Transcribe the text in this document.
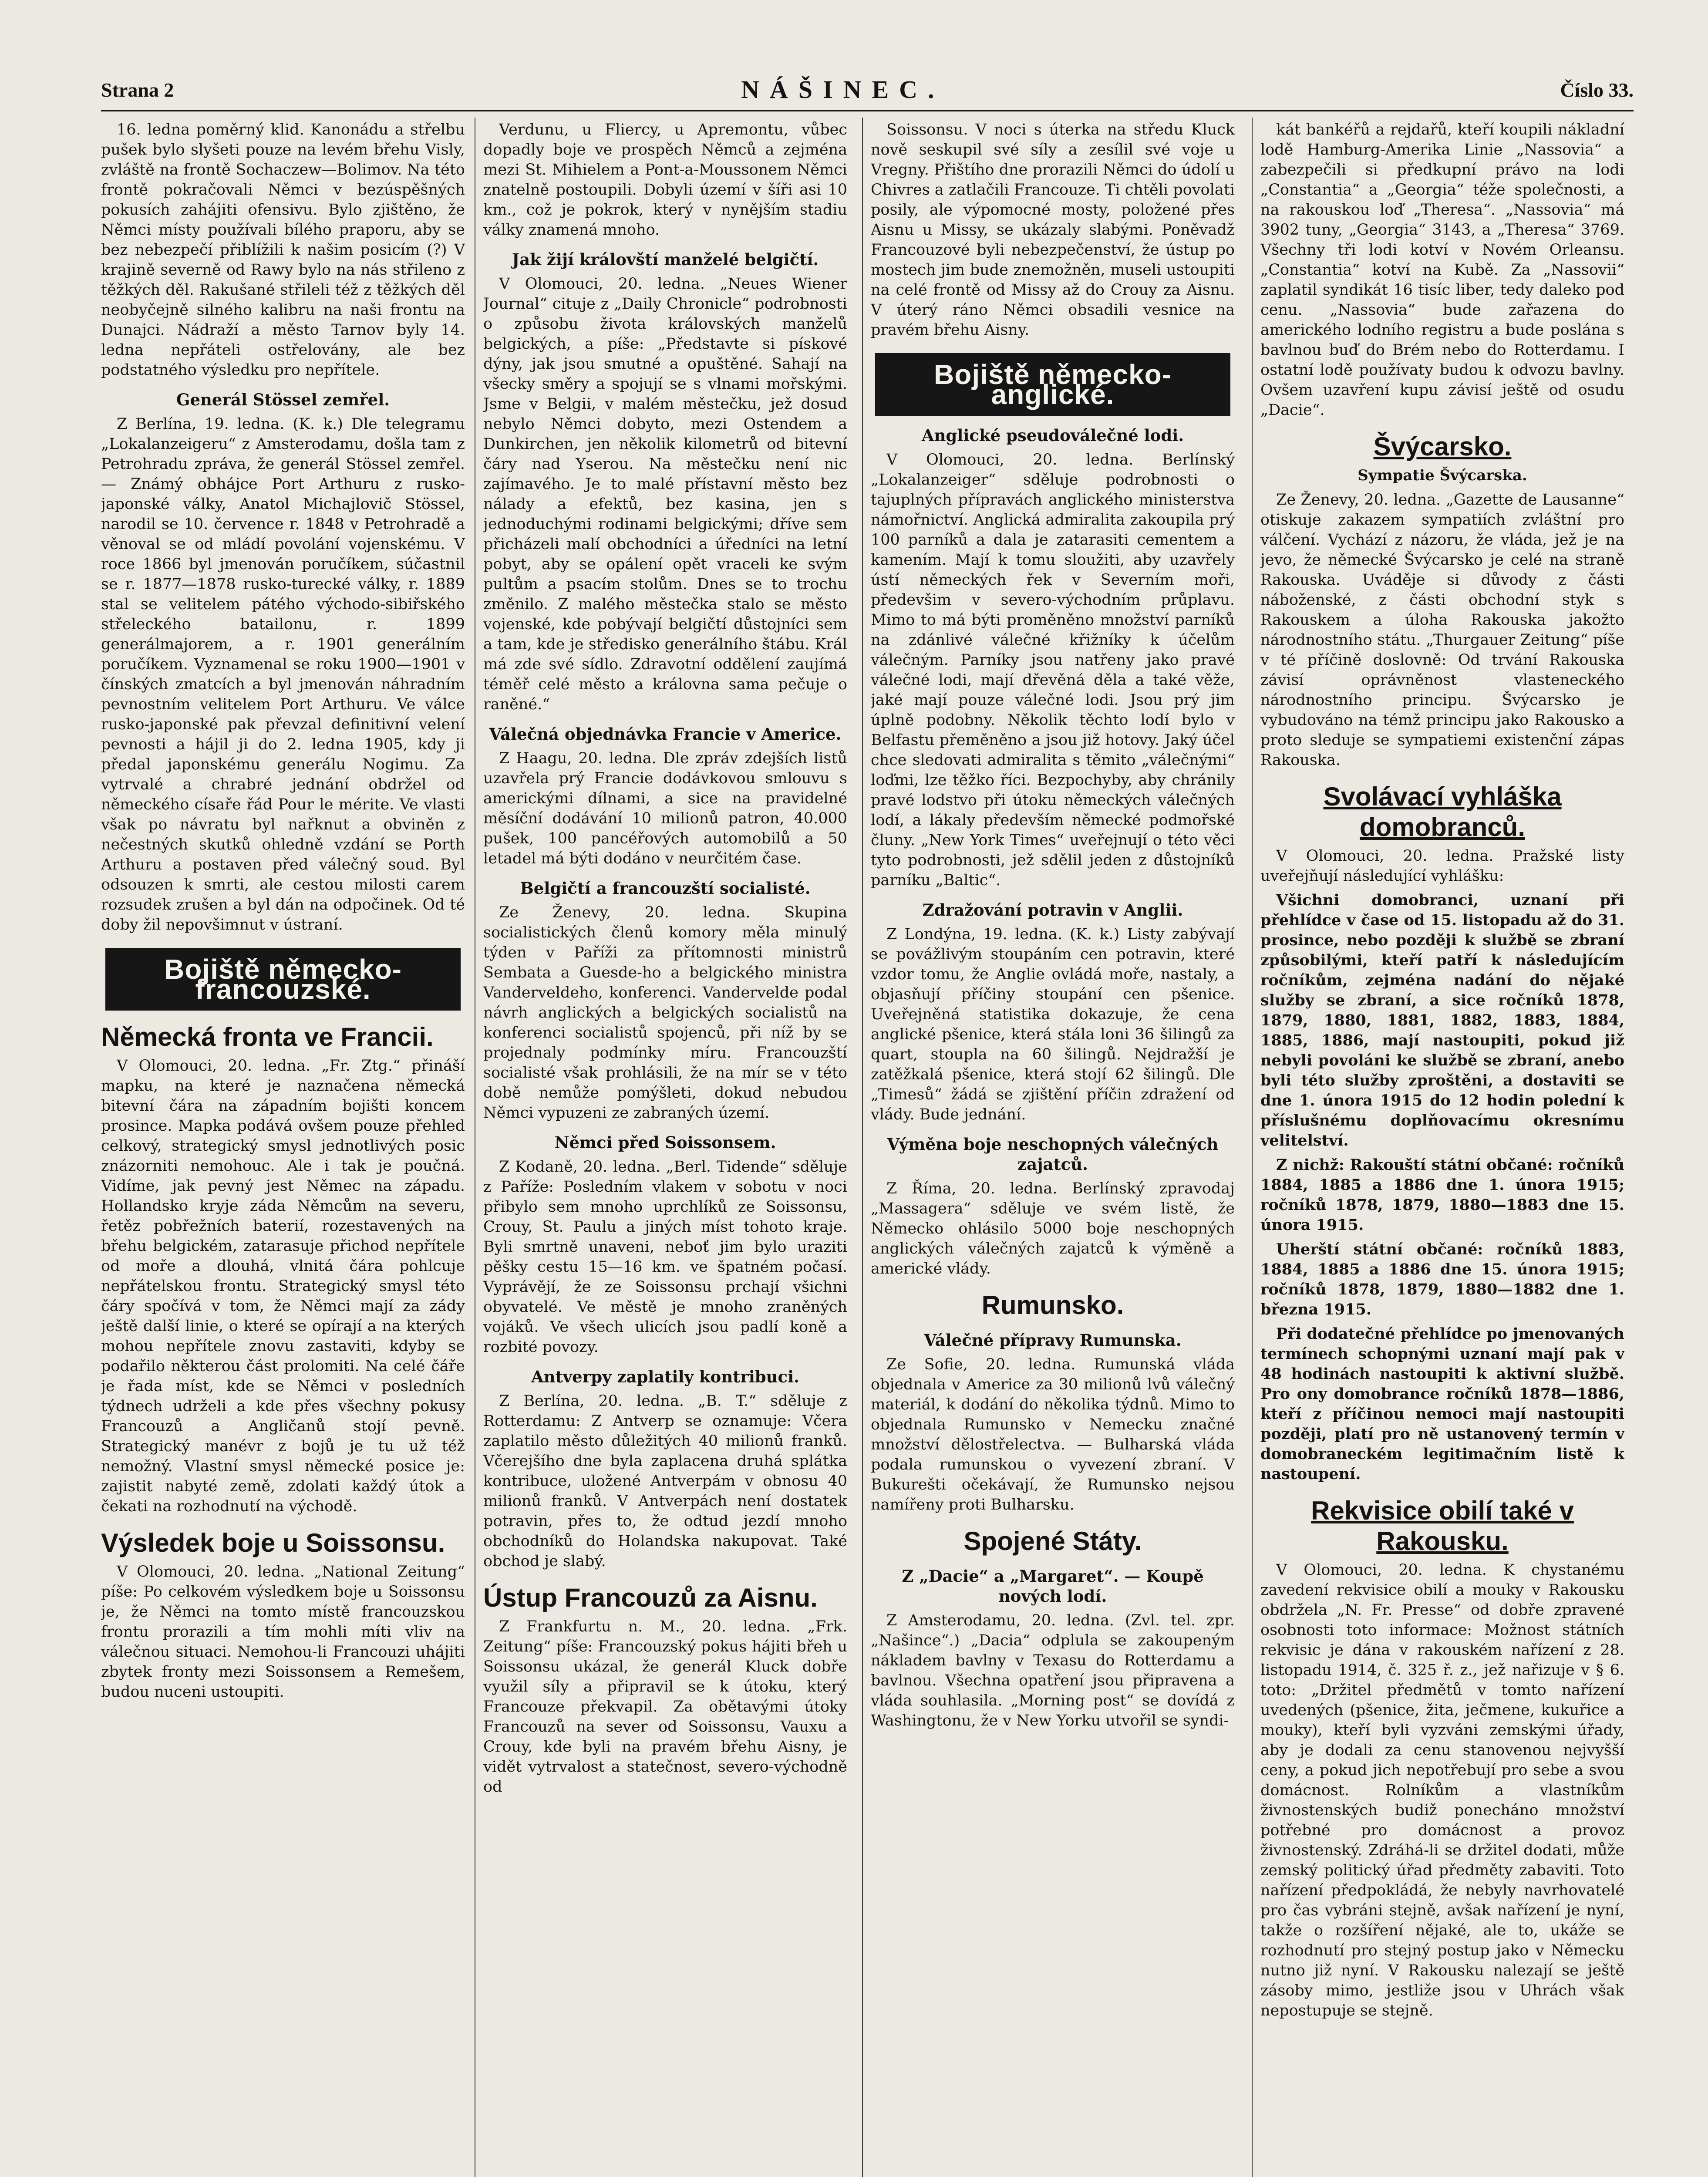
Strana 2	NÁŠINEC.	Číslo 33.

16. ledna poměrný klid. Kanonádu a střelbu pušek bylo slyšeti pouze na levém břehu Visly, zvláště na frontě Sochaczew—Bolimov. Na této frontě pokračovali Němci v bezúspěšných pokusích zahájiti ofensivu. Bylo zjištěno, že Němci místy používali bílého praporu, aby se bez nebezpečí přiblížili k našim posicím (?) V krajině severně od Rawy bylo na nás střileno z těžkých děl. Rakušané střileli též z těžkých děl neobyčejně silného kalibru na naši frontu na Dunajci. Nádraží a město Tarnov byly 14. ledna nepřáteli ostřelovány, ale bez podstatného výsledku pro nepřítele.

Generál Stössel zemřel.

Z Berlína, 19. ledna. (K. k.) Dle telegramu „Lokalanzeigeru“ z Amsterodamu, došla tam z Petrohradu zpráva, že generál Stössel zemřel. — Známý obhájce Port Arthuru z rusko-japonské války, Anatol Michajlovič Stössel, narodil se 10. července r. 1848 v Petrohradě a věnoval se od mládí povolání vojenskému. V roce 1866 byl jmenován poručíkem, súčastnil se r. 1877—1878 rusko-turecké války, r. 1889 stal se velitelem pátého východo-sibiřského střeleckého batailonu, r. 1899 generálmajorem, a r. 1901 generálním poručíkem. Vyznamenal se roku 1900—1901 v čínských zmatcích a byl jmenován náhradním pevnostním velitelem Port Arthuru. Ve válce rusko-japonské pak převzal definitivní velení pevnosti a hájil ji do 2. ledna 1905, kdy ji předal japonskému generálu Nogimu. Za vytrvalé a chrabré jednání obdržel od německého císaře řád Pour le mérite. Ve vlasti však po návratu byl nařknut a obviněn z nečestných skutků ohledně vzdání se Porth Arthuru a postaven před válečný soud. Byl odsouzen k smrti, ale cestou milosti carem rozsudek zrušen a byl dán na odpočinek. Od té doby žil nepovšimnut v ústraní.

Bojiště německo-francouzské.
Německá fronta ve Francii.

V Olomouci, 20. ledna. „Fr. Ztg.“ přináší mapku, na které je naznačena německá bitevní čára na západním bojišti koncem prosince. Mapka podává ovšem pouze přehled celkový, strategický smysl jednotlivých posic znázorniti nemohouc. Ale i tak je poučná. Vidíme, jak pevný jest Němec na západu. Hollandsko kryje záda Němcům na severu, řetěz pobřežních baterií, rozestavených na břehu belgickém, zatarasuje přichod nepřítele od moře a dlouhá, vlnitá čára pohlcuje nepřátelskou frontu. Strategický smysl této čáry spočívá v tom, že Němci mají za zády ještě další linie, o které se opírají a na kterých mohou nepřítele znovu zastaviti, kdyby se podařilo některou část prolomiti. Na celé čáře je řada míst, kde se Němci v posledních týdnech udrželi a kde přes všechny pokusy Francouzů a Angličanů stojí pevně. Strategický manévr z bojů je tu už též nemožný. Vlastní smysl německé posice je: zajistit nabyté země, zdolati každý útok a čekati na rozhodnutí na východě.

Výsledek boje u Soissonsu.

V Olomouci, 20. ledna. „National Zeitung“ píše: Po celkovém výsledkem boje u Soissonsu je, že Němci na tomto místě francouzskou frontu prorazili a tím mohli míti vliv na válečnou situaci. Nemohou-li Francouzi uhájiti zbytek fronty mezi Soissonsem a Remešem, budou nuceni ustoupiti.

Verdunu, u Fliercy, u Apremontu, vůbec dopadly boje ve prospěch Němců a zejména mezi St. Mihielem a Pont-a-Moussonem Němci znatelně postoupili. Dobyli území v šíři asi 10 km., což je pokrok, který v nynějším stadiu války znamená mnoho.

Jak žijí královští manželé belgičtí.

V Olomouci, 20. ledna. „Neues Wiener Journal“ cituje z „Daily Chronicle“ podrobnosti o způsobu života královských manželů belgických, a píše: „Představte si pískové dýny, jak jsou smutné a opuštěné. Sahají na všecky směry a spojují se s vlnami mořskými. Jsme v Belgii, v malém městečku, jež dosud nebylo Němci dobyto, mezi Ostendem a Dunkirchen, jen několik kilometrů od bitevní čáry nad Yserou. Na městečku není nic zajímavého. Je to malé přístavní město bez nálady a efektů, bez kasina, jen s jednoduchými rodinami belgickými; dříve sem přicházeli malí obchodníci a úředníci na letní pobyt, aby se opálení opět vraceli ke svým pultům a psacím stolům. Dnes se to trochu změnilo. Z malého městečka stalo se město vojenské, kde pobývají belgičtí důstojníci sem a tam, kde je středisko generálního štábu. Král má zde své sídlo. Zdravotní oddělení zaujímá téměř celé město a královna sama pečuje o raněné.“

Válečná objednávka Francie v Americe.

Z Haagu, 20. ledna. Dle zpráv zdejších listů uzavřela prý Francie dodávkovou smlouvu s americkými dílnami, a sice na pravidelné měsíční dodávání 10 milionů patron, 40.000 pušek, 100 pancéřových automobilů a 50 letadel má býti dodáno v neurčitém čase.

Belgičtí a francouzští socialisté.

Ze Ženevy, 20. ledna. Skupina socialistických členů komory měla minulý týden v Paříži za přítomnosti ministrů Sembata a Guesde-ho a belgického ministra Vanderveldeho, konferenci. Vandervelde podal návrh anglických a belgických socialistů na konferenci socialistů spojenců, při níž by se projednaly podmínky míru. Francouzští socialisté však prohlásili, že na mír se v této době nemůže pomýšleti, dokud nebudou Němci vypuzeni ze zabraných území.

Němci před Soissonsem.

Z Kodaně, 20. ledna. „Berl. Tidende“ sděluje z Paříže: Posledním vlakem v sobotu v noci přibylo sem mnoho uprchlíků ze Soissonsu, Crouy, St. Paulu a jiných míst tohoto kraje. Byli smrtně unaveni, neboť jim bylo uraziti pěšky cestu 15—16 km. ve špatném počasí. Vyprávějí, že ze Soissonsu prchají všichni obyvatelé. Ve městě je mnoho zraněných vojáků. Ve všech ulicích jsou padlí koně a rozbité povozy.

Antverpy zaplatily kontribuci.

Z Berlína, 20. ledna. „B. T.“ sděluje z Rotterdamu: Z Antverp se oznamuje: Včera zaplatilo město důležitých 40 milionů franků. Včerejšího dne byla zaplacena druhá splátka kontribuce, uložené Antverpám v obnosu 40 milionů franků. V Antverpách není dostatek potravin, přes to, že odtud jezdí mnoho obchodníků do Holandska nakupovat. Také obchod je slabý.

Ústup Francouzů za Aisnu.

Z Frankfurtu n. M., 20. ledna. „Frk. Zeitung“ píše: Francouzský pokus hájiti břeh u Soissonsu ukázal, že generál Kluck dobře využil síly a připravil se k útoku, který Francouze překvapil. Za obětavými útoky Francouzů na sever od Soissonsu, Vauxu a Crouy, kde byli na pravém břehu Aisny, je vidět vytrvalost a statečnost, severo-východně od

Soissonsu. V noci s úterka na středu Kluck nově seskupil své síly a zesílil své voje u Vregny. Přištího dne prorazili Němci do údolí u Chivres a zatlačili Francouze. Ti chtěli povolati posily, ale výpomocné mosty, položené přes Aisnu u Missy, se ukázaly slabými. Poněvadž Francouzové byli nebezpečenství, že ústup po mostech jim bude znemožněn, museli ustoupiti na celé frontě od Missy až do Crouy za Aisnu. V úterý ráno Němci obsadili vesnice na pravém břehu Aisny.

Bojiště německo-anglické.
Anglické pseudoválečné lodi.

V Olomouci, 20. ledna. Berlínský „Lokalanzeiger“ sděluje podrobnosti o tajuplných přípravách anglického ministerstva námořnictví. Anglická admiralita zakoupila prý 100 parníků a dala je zatarasiti cementem a kamením. Mají k tomu sloužiti, aby uzavřely ústí německých řek v Severním moři, předevšim v severo-východním průplavu. Mimo to má býti proměněno množství parníků na zdánlivé válečné křižníky k účelům válečným. Parníky jsou natřeny jako pravé válečné lodi, mají dřevěná děla a také věže, jaké mají pouze válečné lodi. Jsou prý jim úplně podobny. Několik těchto lodí bylo v Belfastu přeměněno a jsou již hotovy. Jaký účel chce sledovati admiralita s těmito „válečnými“ loďmi, lze těžko říci. Bezpochyby, aby chránily pravé lodstvo při útoku německých válečných lodí, a lákaly především německé podmořské čluny. „New York Times“ uveřejnují o této věci tyto podrobnosti, jež sdělil jeden z důstojníků parníku „Baltic“.

Zdražování potravin v Anglii.

Z Londýna, 19. ledna. (K. k.) Listy zabývají se povážlivým stoupáním cen potravin, které vzdor tomu, že Anglie ovládá moře, nastaly, a objasňují příčiny stoupání cen pšenice. Uveřejněná statistika dokazuje, že cena anglické pšenice, která stála loni 36 šilingů za quart, stoupla na 60 šilingů. Nejdražší je zatěžkalá pšenice, která stojí 62 šilingů. Dle „Timesů“ žádá se zjištění příčin zdražení od vlády. Bude jednání.

Výměna boje neschopných válečných zajatců.

Z Říma, 20. ledna. Berlínský zpravodaj „Massagera“ sděluje ve svém listě, že Německo ohlásilo 5000 boje neschopných anglických válečných zajatců k výměně a americké vlády.

Rumunsko.
Válečné přípravy Rumunska.

Ze Sofie, 20. ledna. Rumunská vláda objednala v Americe za 30 milionů lvů válečný materiál, k dodání do několika týdnů. Mimo to objednala Rumunsko v Nemecku značné množství dělostřelectva. — Bulharská vláda podala rumunskou o vyvezení zbraní. V Bukurešti očekávají, že Rumunsko nejsou namířeny proti Bulharsku.

Spojené Státy.
Z „Dacie“ a „Margaret“. — Koupě nových lodí.

Z Amsterodamu, 20. ledna. (Zvl. tel. zpr. „Našince“.) „Dacia“ odplula se zakoupeným nákladem bavlny v Texasu do Rotterdamu a bavlnou. Všechna opatření jsou připravena a vláda souhlasila. „Morning post“ se dovídá z Washingtonu, že v New Yorku utvořil se syndi-

kát bankéřů a rejdařů, kteří koupili nákladní lodě Hamburg-Amerika Linie „Nassovia“ a zabezpečili si předkupní právo na lodi „Constantia“ a „Georgia“ téže společnosti, a na rakouskou loď „Theresa“. „Nassovia“ má 3902 tuny, „Georgia“ 3143, a „Theresa“ 3769. Všechny tři lodi kotví v Novém Orleansu. „Constantia“ kotví na Kubě. Za „Nassovii“ zaplatil syndikát 16 tisíc liber, tedy daleko pod cenu. „Nassovia“ bude zařazena do amerického lodního registru a bude poslána s bavlnou buď do Brém nebo do Rotterdamu. I ostatní lodě používaty budou k odvozu bavlny. Ovšem uzavření kupu závisí ještě od osudu „Dacie“.

Švýcarsko.
Sympatie Švýcarska.

Ze Ženevy, 20. ledna. „Gazette de Lausanne“ otiskuje zakazem sympatiích zvláštní pro válčení. Vychází z názoru, že vláda, jež je na jevo, že německé Švýcarsko je celé na straně Rakouska. Uváděje si důvody z části náboženské, z části obchodní styk s Rakouskem a úloha Rakouska jakožto národnostního státu. „Thurgauer Zeitung“ píše v té příčině doslovně: Od trvání Rakouska závisí oprávněnost vlasteneckého národnostního principu. Švýcarsko je vybudováno na témž principu jako Rakousko a proto sleduje se sympatiemi existenční zápas Rakouska.

Svolávací vyhláška domobranců.

V Olomouci, 20. ledna. Pražské listy uveřejňují následující vyhlášku:

Všichni domobranci, uznaní při přehlídce v čase od 15. listopadu až do 31. prosince, nebo později k službě se zbraní způsobilými, kteří patří k následujícím ročníkům, zejména nadání do nějaké služby se zbraní, a sice ročníků 1878, 1879, 1880, 1881, 1882, 1883, 1884, 1885, 1886, mají nastoupiti, pokud již nebyli povoláni ke službě se zbraní, anebo byli této služby zproštěni, a dostaviti se dne 1. února 1915 do 12 hodin polední k příslušnému doplňovacímu okresnímu velitelství.

Z nichž: Rakouští státní občané: ročníků 1884, 1885 a 1886 dne 1. února 1915; ročníků 1878, 1879, 1880—1883 dne 15. února 1915.

Uherští státní občané: ročníků 1883, 1884, 1885 a 1886 dne 15. února 1915; ročníků 1878, 1879, 1880—1882 dne 1. března 1915.

Při dodatečné přehlídce po jmenovaných termínech schopnými uznaní mají pak v 48 hodinách nastoupiti k aktivní službě. Pro ony domobrance ročníků 1878—1886, kteří z příčinou nemoci mají nastoupiti později, platí pro ně ustanovený termín v domobraneckém legitimačním listě k nastoupení.

Rekvisice obilí také v Rakousku.

V Olomouci, 20. ledna. K chystanému zavedení rekvisice obilí a mouky v Rakousku obdržela „N. Fr. Presse“ od dobře zpravené osobnosti toto informace: Možnost státních rekvisic je dána v rakouském nařízení z 28. listopadu 1914, č. 325 ř. z., jež nařizuje v § 6. toto: „Držitel předmětů v tomto nařízení uvedených (pšenice, žita, ječmene, kukuřice a mouky), kteří byli vyzváni zemskými úřady, aby je dodali za cenu stanovenou nejvyšší ceny, a pokud jich nepotřebují pro sebe a svou domácnost. Rolníkům a vlastníkům živnostenských budiž ponecháno množství potřebné pro domácnost a provoz živnostenský. Zdráhá-li se držitel dodati, může zemský politický úřad předměty zabaviti. Toto nařízení předpokládá, že nebyly navrhovatelé pro čas vybráni stejně, avšak nařízení je nyní, takže o rozšíření nějaké, ale to, ukáže se rozhodnutí pro stejný postup jako v Německu nutno již nyní. V Rakousku nalezají se ještě zásoby mimo, jestliže jsou v Uhrách však nepostupuje se stejně.
